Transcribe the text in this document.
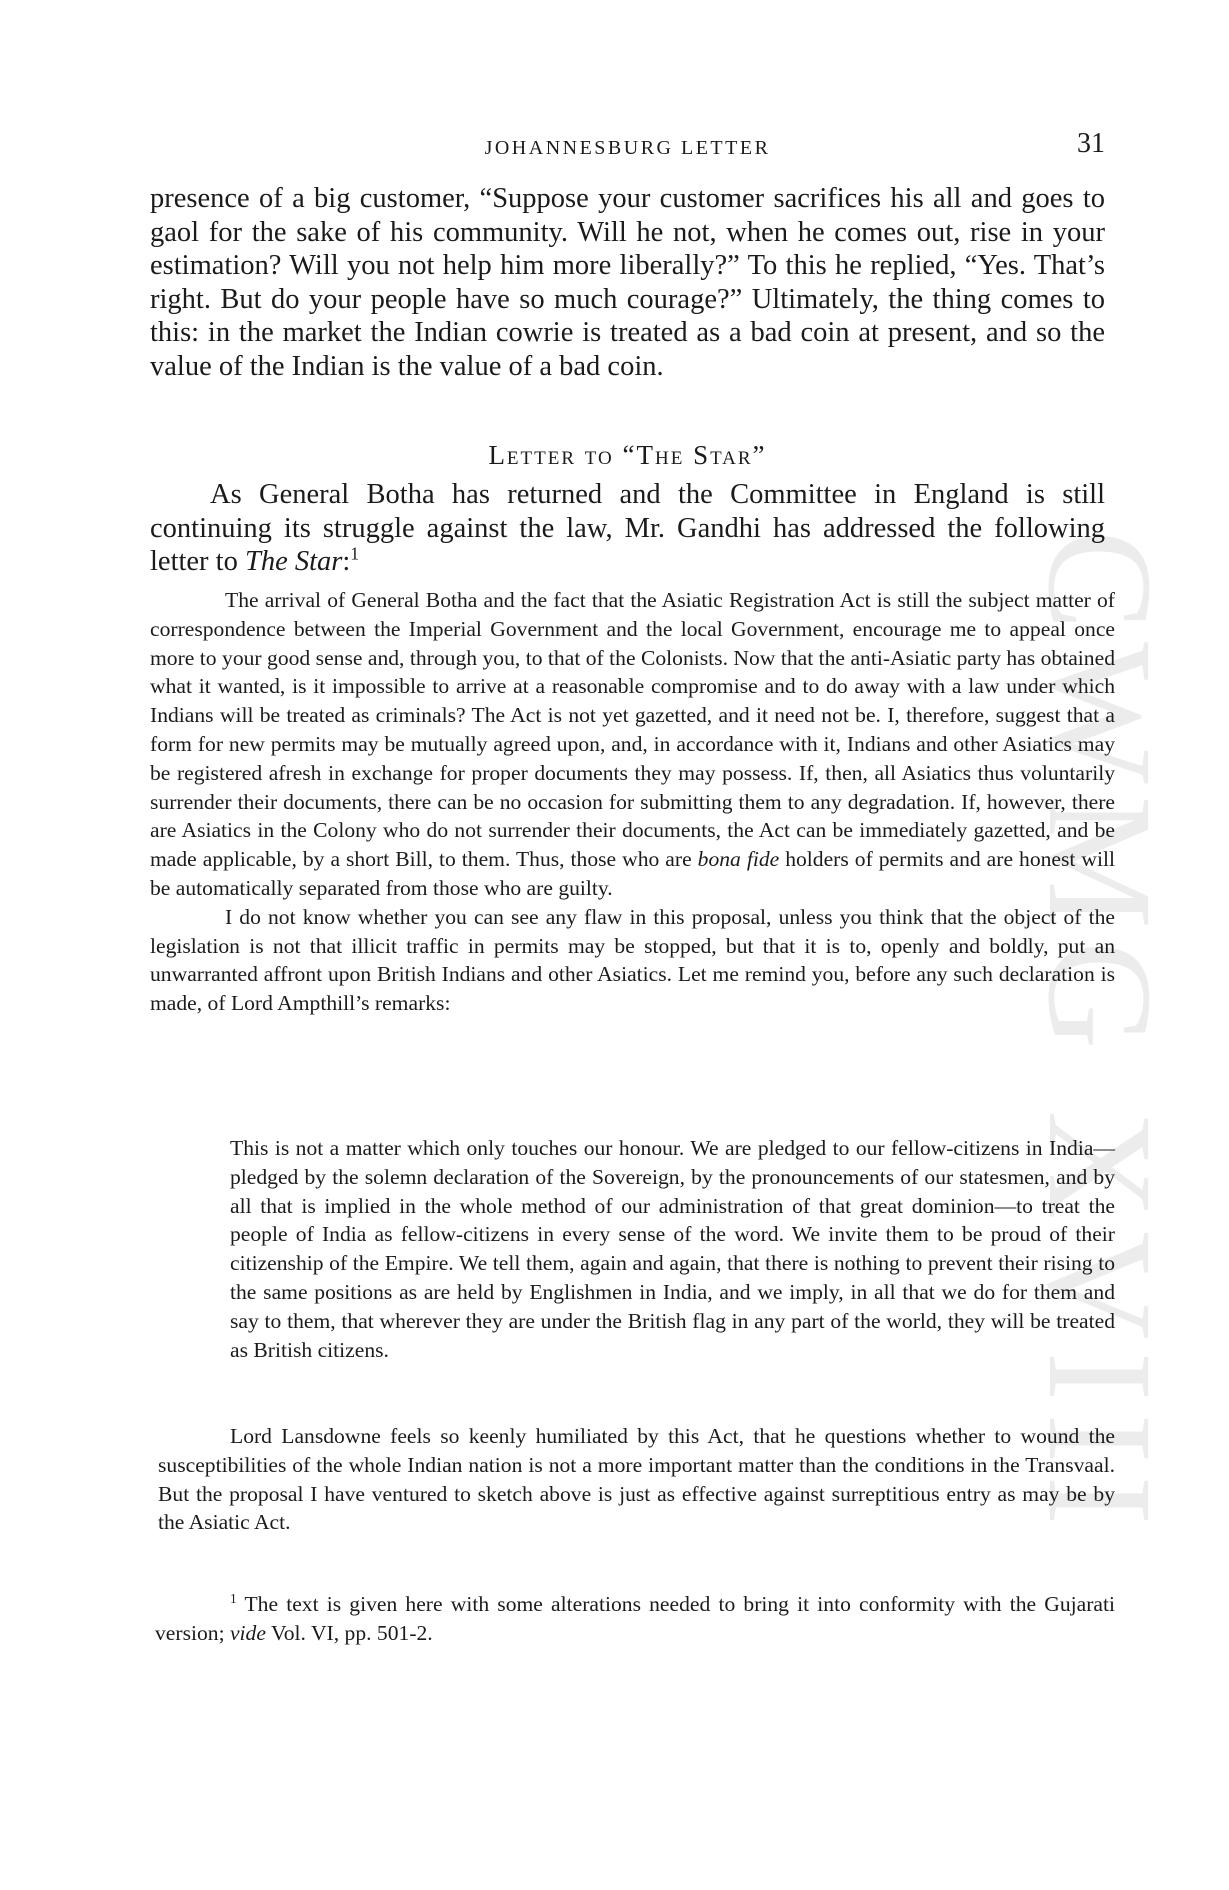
CWMG XVIII
JOHANNESBURG LETTER	31

presence of a big customer, “Suppose your customer sacrifices his all and goes to gaol for the sake of his community. Will he not, when he comes out, rise in your estimation? Will you not help him more liberally?” To this he replied, “Yes. That’s right. But do your people have so much courage?” Ultimately, the thing comes to this: in the market the Indian cowrie is treated as a bad coin at present, and so the value of the Indian is the value of a bad coin.

Letter to “The Star”

As General Botha has returned and the Committee in England is still continuing its struggle against the law, Mr. Gandhi has addressed the following letter to The Star:$^1$

The arrival of General Botha and the fact that the Asiatic Registration Act is still the subject matter of correspondence between the Imperial Government and the local Government, encourage me to appeal once more to your good sense and, through you, to that of the Colonists. Now that the anti-Asiatic party has obtained what it wanted, is it impossible to arrive at a reasonable compromise and to do away with a law under which Indians will be treated as criminals? The Act is not yet gazetted, and it need not be. I, therefore, suggest that a form for new permits may be mutually agreed upon, and, in accordance with it, Indians and other Asiatics may be registered afresh in exchange for proper documents they may possess. If, then, all Asiatics thus voluntarily surrender their documents, there can be no occasion for submitting them to any degradation. If, however, there are Asiatics in the Colony who do not surrender their documents, the Act can be immediately gazetted, and be made applicable, by a short Bill, to them. Thus, those who are bona fide holders of permits and are honest will be automatically separated from those who are guilty.

I do not know whether you can see any flaw in this proposal, unless you think that the object of the legislation is not that illicit traffic in permits may be stopped, but that it is to, openly and boldly, put an unwarranted affront upon British Indians and other Asiatics. Let me remind you, before any such declaration is made, of Lord Ampthill’s remarks:

This is not a matter which only touches our honour. We are pledged to our fellow-citizens in India—pledged by the solemn declaration of the Sovereign, by the pronouncements of our statesmen, and by all that is implied in the whole method of our administration of that great dominion—to treat the people of India as fellow-citizens in every sense of the word. We invite them to be proud of their citizenship of the Empire. We tell them, again and again, that there is nothing to prevent their rising to the same positions as are held by Englishmen in India, and we imply, in all that we do for them and say to them, that wherever they are under the British flag in any part of the world, they will be treated as British citizens.

Lord Lansdowne feels so keenly humiliated by this Act, that he questions whether to wound the susceptibilities of the whole Indian nation is not a more important matter than the conditions in the Transvaal. But the proposal I have ventured to sketch above is just as effective against surreptitious entry as may be by the Asiatic Act.

$^1$ The text is given here with some alterations needed to bring it into conformity with the Gujarati version; vide Vol. VI, pp. 501-2.
